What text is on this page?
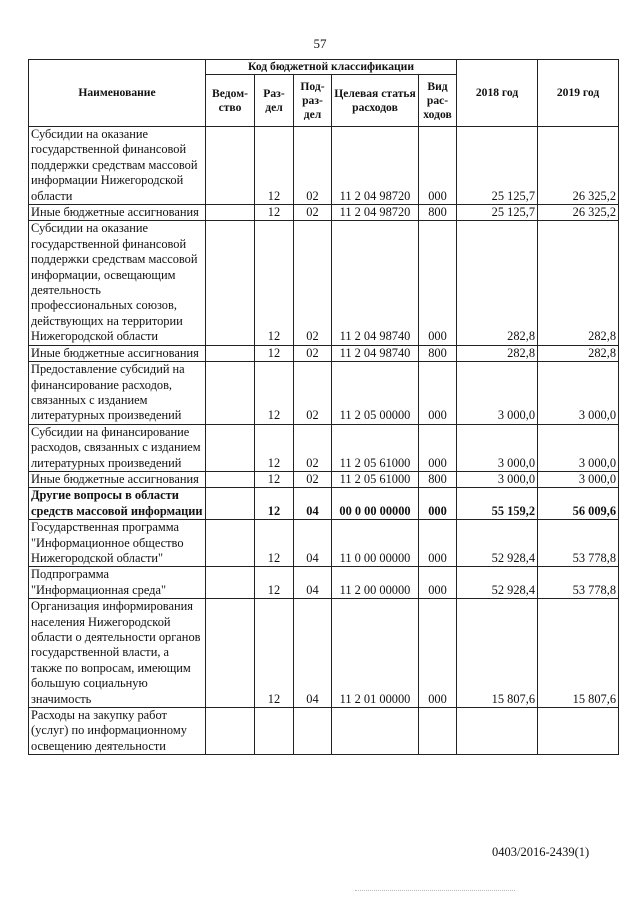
57
Наименование	Код бюджетной классификации					2018 год	2019 год
	Ведом-ство	Раз-дел	Под-раз-дел	Целевая статья расходов	Вид рас-ходов		
Субсидии на оказание государственной финансовой поддержки средствам массовой информации Нижегородской области		12	02	11 2 04 98720	000	25 125,7	26 325,2
Иные бюджетные ассигнования		12	02	11 2 04 98720	800	25 125,7	26 325,2
Субсидии на оказание государственной финансовой поддержки средствам массовой информации, освещающим деятельность профессиональных союзов, действующих на территории Нижегородской области		12	02	11 2 04 98740	000	282,8	282,8
Иные бюджетные ассигнования		12	02	11 2 04 98740	800	282,8	282,8
Предоставление субсидий на финансирование расходов, связанных с изданием литературных произведений		12	02	11 2 05 00000	000	3 000,0	3 000,0
Субсидии на финансирование расходов, связанных с изданием литературных произведений		12	02	11 2 05 61000	000	3 000,0	3 000,0
Иные бюджетные ассигнования		12	02	11 2 05 61000	800	3 000,0	3 000,0
Другие вопросы в области средств массовой информации		12	04	00 0 00 00000	000	55 159,2	56 009,6
Государственная программа "Информационное общество Нижегородской области"		12	04	11 0 00 00000	000	52 928,4	53 778,8
Подпрограмма "Информационная среда"		12	04	11 2 00 00000	000	52 928,4	53 778,8
Организация информирования населения Нижегородской области о деятельности органов государственной власти, а также по вопросам, имеющим большую социальную значимость		12	04	11 2 01 00000	000	15 807,6	15 807,6
Расходы на закупку работ (услуг) по информационному освещению деятельности							
0403/2016-2439(1)
